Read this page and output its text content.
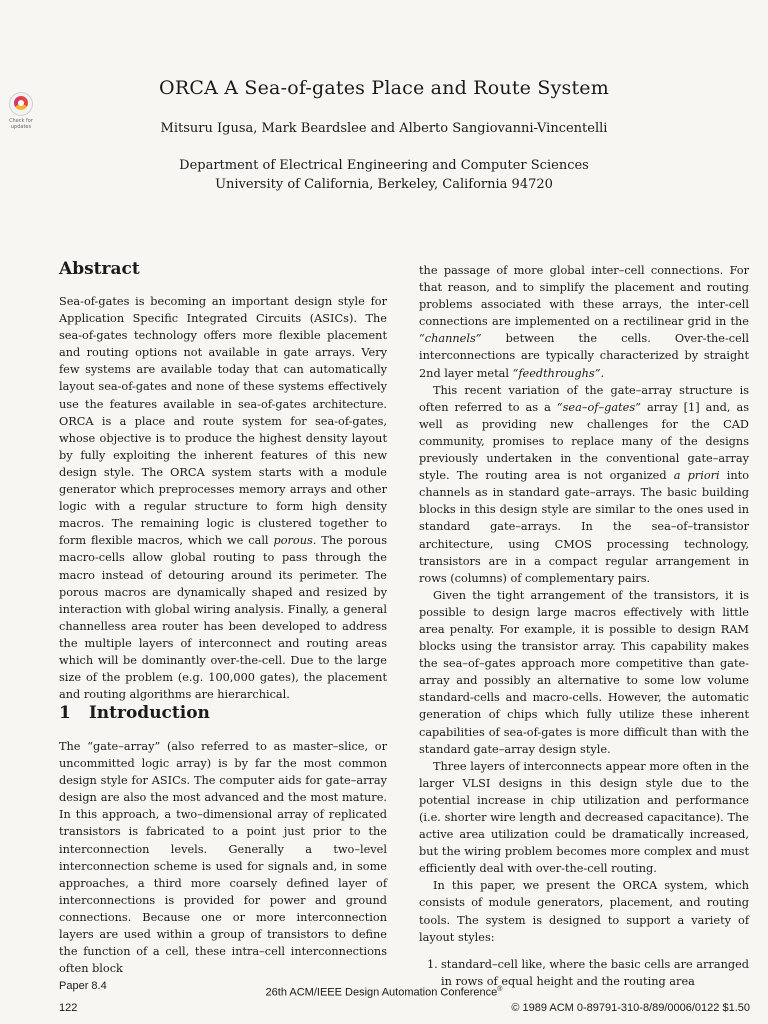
Check for updates
ORCA A Sea-of-gates Place and Route System
Mitsuru Igusa, Mark Beardslee and Alberto Sangiovanni-Vincentelli
Department of Electrical Engineering and Computer Sciences
University of California, Berkeley, California 94720
Abstract

Sea-of-gates is becoming an important design style for Application Specific Integrated Circuits (ASICs). The sea-of-gates technology offers more flexible placement and routing options not available in gate arrays. Very few systems are available today that can automatically layout sea-of-gates and none of these systems effectively use the features available in sea-of-gates architecture. ORCA is a place and route system for sea-of-gates, whose objective is to produce the highest density layout by fully exploiting the inherent features of this new design style. The ORCA system starts with a module generator which preprocesses memory arrays and other logic with a regular structure to form high density macros. The remaining logic is clustered together to form flexible macros, which we call porous. The porous macro-cells allow global routing to pass through the macro instead of detouring around its perimeter. The porous macros are dynamically shaped and resized by interaction with global wiring analysis. Finally, a general channelless area router has been developed to address the multiple layers of interconnect and routing areas which will be dominantly over-the-cell. Due to the large size of the problem (e.g. 100,000 gates), the placement and routing algorithms are hierarchical.

1 Introduction

The “gate–array” (also referred to as master–slice, or uncommitted logic array) is by far the most common design style for ASICs. The computer aids for gate–array design are also the most advanced and the most mature. In this approach, a two–dimensional array of replicated transistors is fabricated to a point just prior to the interconnection levels. Generally a two–level interconnection scheme is used for signals and, in some approaches, a third more coarsely defined layer of interconnections is provided for power and ground connections. Because one or more interconnection layers are used within a group of transistors to define the function of a cell, these intra–cell interconnections often block

the passage of more global inter–cell connections. For that reason, and to simplify the placement and routing problems associated with these arrays, the inter-cell connections are implemented on a rectilinear grid in the “channels” between the cells. Over-the-cell interconnections are typically characterized by straight 2nd layer metal “feedthroughs”.

This recent variation of the gate–array structure is often referred to as a “sea–of–gates” array [1] and, as well as providing new challenges for the CAD community, promises to replace many of the designs previously undertaken in the conventional gate–array style. The routing area is not organized a priori into channels as in standard gate–arrays. The basic building blocks in this design style are similar to the ones used in standard gate–arrays. In the sea–of–transistor architecture, using CMOS processing technology, transistors are in a compact regular arrangement in rows (columns) of complementary pairs.

Given the tight arrangement of the transistors, it is possible to design large macros effectively with little area penalty. For example, it is possible to design RAM blocks using the transistor array. This capability makes the sea–of–gates approach more competitive than gate-array and possibly an alternative to some low volume standard-cells and macro-cells. However, the automatic generation of chips which fully utilize these inherent capabilities of sea-of-gates is more difficult than with the standard gate–array design style.

Three layers of interconnects appear more often in the larger VLSI designs in this design style due to the potential increase in chip utilization and performance (i.e. shorter wire length and decreased capacitance). The active area utilization could be dramatically increased, but the wiring problem becomes more complex and must efficiently deal with over-the-cell routing.

In this paper, we present the ORCA system, which consists of module generators, placement, and routing tools. The system is designed to support a variety of layout styles:

1. standard–cell like, where the basic cells are arranged in rows of equal height and the routing area
26th ACM/IEEE Design Automation Conference®
Paper 8.4
122	© 1989 ACM 0-89791-310-8/89/0006/0122 $1.50
